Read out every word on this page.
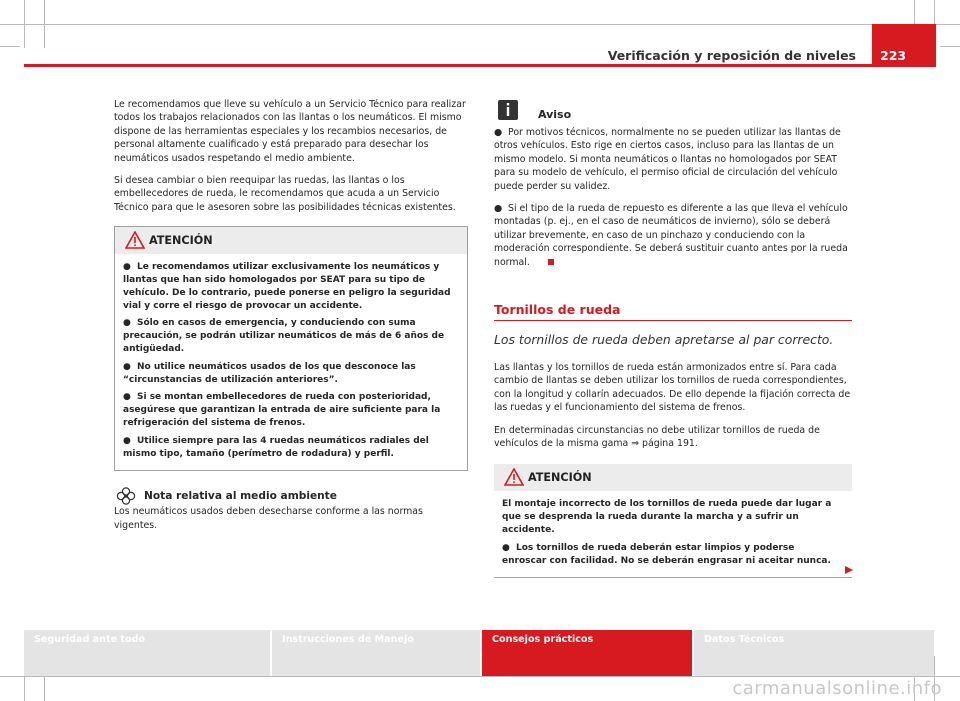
Verificación y reposición de niveles 223

Le recomendamos que lleve su vehículo a un Servicio Técnico para realizar todos los trabajos relacionados con las llantas o los neumáticos. El mismo dispone de las herramientas especiales y los recambios necesarios, de personal altamente cualificado y está preparado para desechar los neumáticos usados respetando el medio ambiente.

Si desea cambiar o bien reequipar las ruedas, las llantas o los embellecedores de rueda, le recomendamos que acuda a un Servicio Técnico para que le asesoren sobre las posibilidades técnicas existentes.

ATENCIÓN

● Le recomendamos utilizar exclusivamente los neumáticos y llantas que han sido homologados por SEAT para su tipo de vehículo. De lo contrario, puede ponerse en peligro la seguridad vial y corre el riesgo de provocar un accidente.

● Sólo en casos de emergencia, y conduciendo con suma precaución, se podrán utilizar neumáticos de más de 6 años de antigüedad.

● No utilice neumáticos usados de los que desconoce las “circunstancias de utilización anteriores”.

● Si se montan embellecedores de rueda con posterioridad, asegúrese que garantizan la entrada de aire suficiente para la refrigeración del sistema de frenos.

● Utilice siempre para las 4 ruedas neumáticos radiales del mismo tipo, tamaño (perímetro de rodadura) y perfil.

Nota relativa al medio ambiente

Los neumáticos usados deben desecharse conforme a las normas vigentes.

Aviso

● Por motivos técnicos, normalmente no se pueden utilizar las llantas de otros vehículos. Esto rige en ciertos casos, incluso para las llantas de un mismo modelo. Si monta neumáticos o llantas no homologados por SEAT para su modelo de vehículo, el permiso oficial de circulación del vehículo puede perder su validez.

● Si el tipo de la rueda de repuesto es diferente a las que lleva el vehículo montadas (p. ej., en el caso de neumáticos de invierno), sólo se deberá utilizar brevemente, en caso de un pinchazo y conduciendo con la moderación correspondiente. Se deberá sustituir cuanto antes por la rueda normal.

Tornillos de rueda
Los tornillos de rueda deben apretarse al par correcto.

Las llantas y los tornillos de rueda están armonizados entre sí. Para cada cambio de llantas se deben utilizar los tornillos de rueda correspondientes, con la longitud y collarín adecuados. De ello depende la fijación correcta de las ruedas y el funcionamiento del sistema de frenos.

En determinadas circunstancias no debe utilizar tornillos de rueda de vehículos de la misma gama ⇒ página 191.

ATENCIÓN

El montaje incorrecto de los tornillos de rueda puede dar lugar a que se desprenda la rueda durante la marcha y a sufrir un accidente.

● Los tornillos de rueda deberán estar limpios y poderse enroscar con facilidad. No se deberán engrasar ni aceitar nunca.

Seguridad ante todo	Instrucciones de Manejo	Consejos prácticos	Datos Técnicos
carmanualsonline.info
